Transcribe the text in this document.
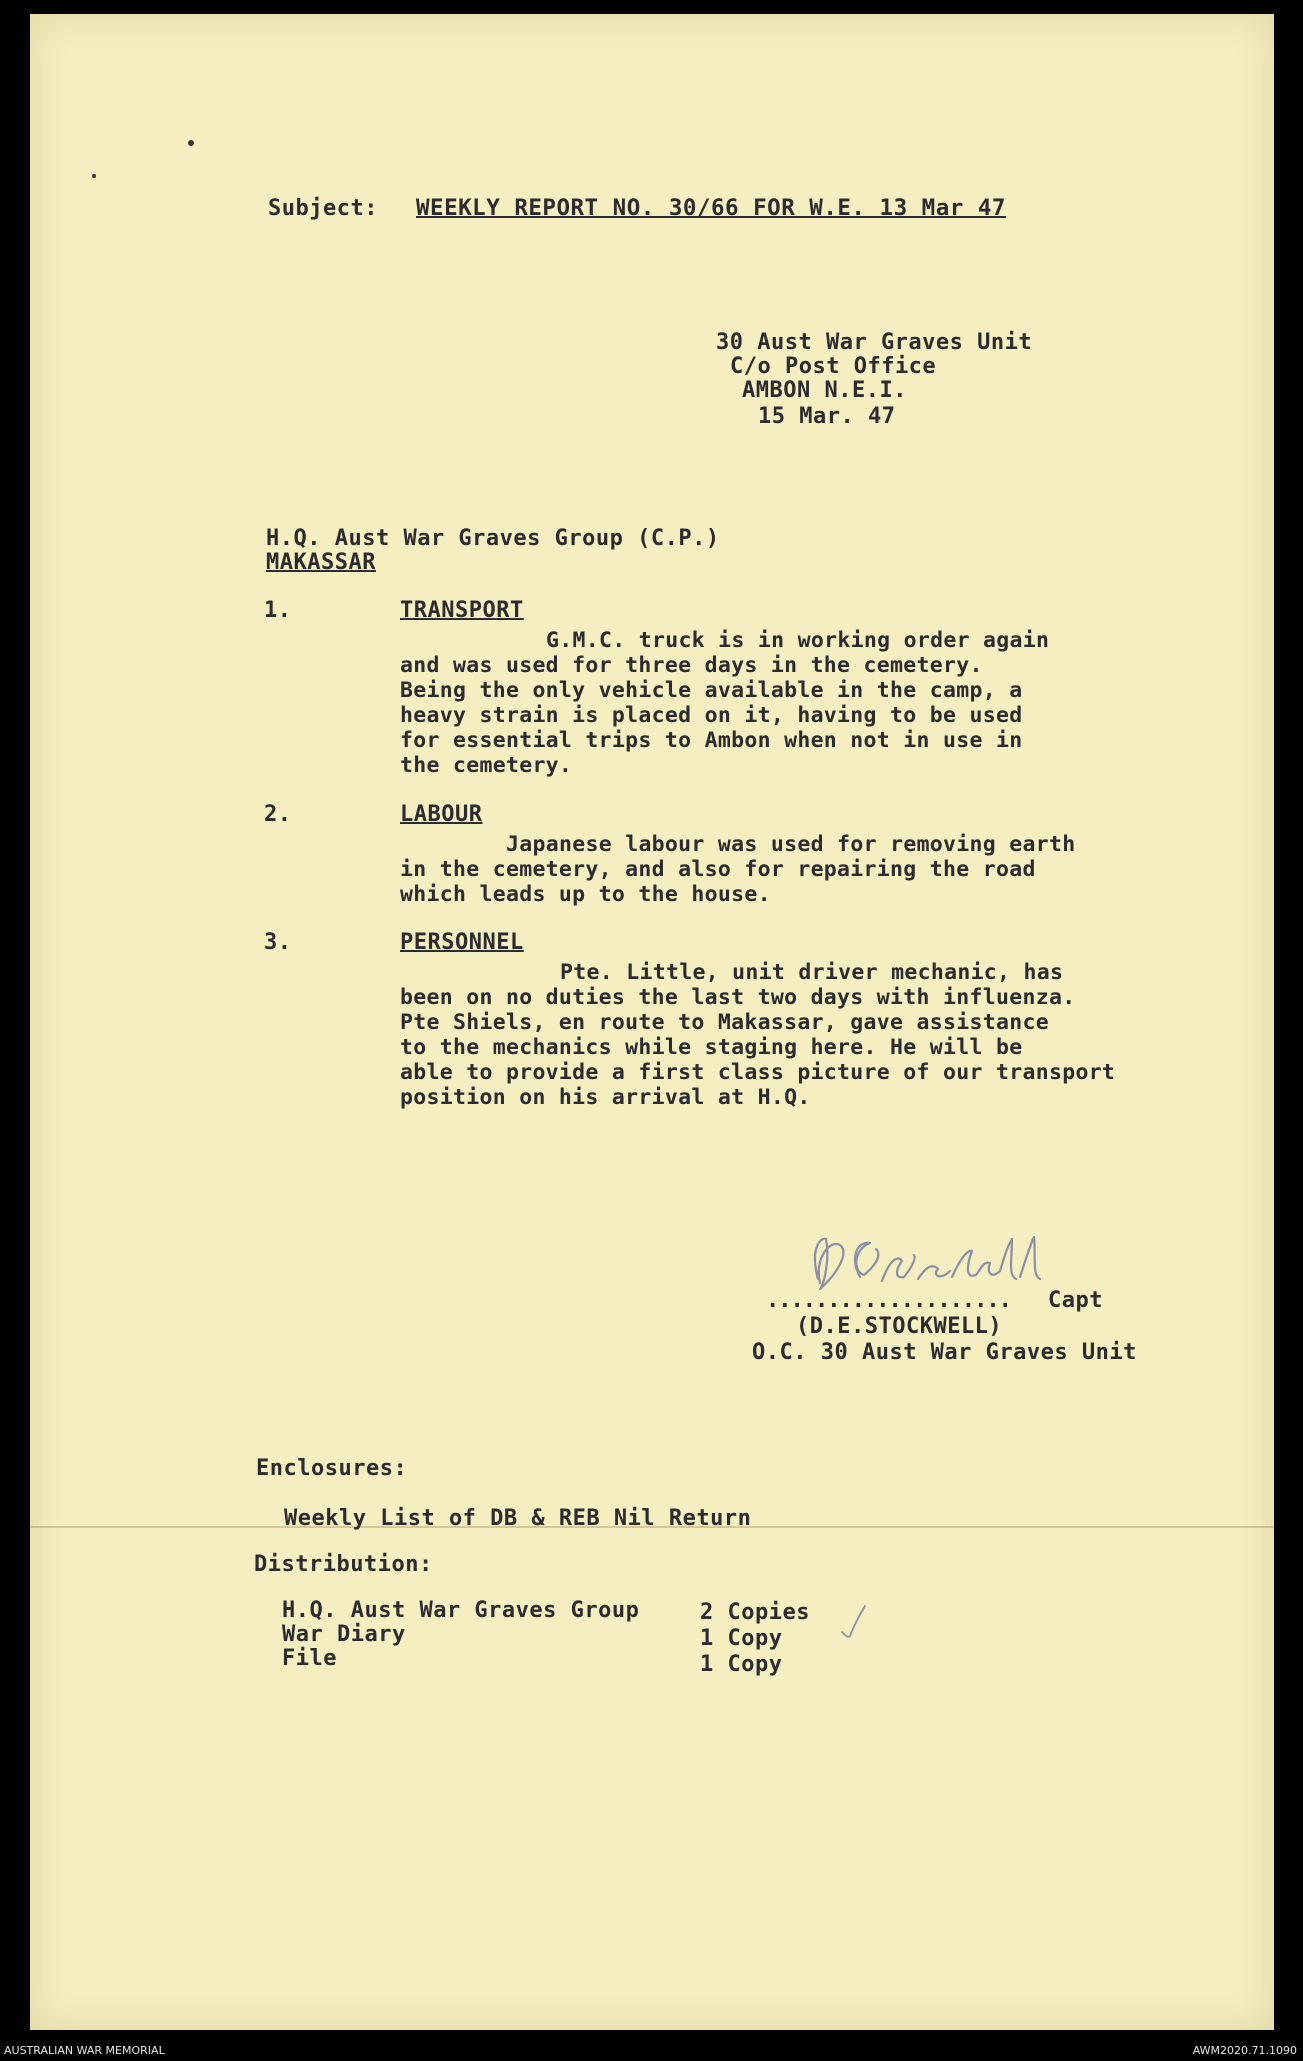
Subject: WEEKLY REPORT NO. 30/66 FOR W.E. 13 Mar 47
30 Aust War Graves Unit
C/o Post Office
AMBON N.E.I.
15 Mar. 47
H.Q. Aust War Graves Group (C.P.)
MAKASSAR
1.	TRANSPORT
G.M.C. truck is in working order again
and was used for three days in the cemetery.
Being the only vehicle available in the camp, a
heavy strain is placed on it, having to be used
for essential trips to Ambon when not in use in
the cemetery.
2.	LABOUR
Japanese labour was used for removing earth
in the cemetery, and also for repairing the road
which leads up to the house.
3.	PERSONNEL
Pte. Little, unit driver mechanic, has
been on no duties the last two days with influenza.
Pte Shiels, en route to Makassar, gave assistance
to the mechanics while staging here. He will be
able to provide a first class picture of our transport
position on his arrival at H.Q.
.................... Capt
(D.E.STOCKWELL)
O.C. 30 Aust War Graves Unit
Enclosures:
Weekly List of DB & REB Nil Return
Distribution:
H.Q. Aust War Graves Group	2 Copies
War Diary	1 Copy
File	1 Copy
AUSTRALIAN WAR MEMORIAL	AWM2020.71.1090
